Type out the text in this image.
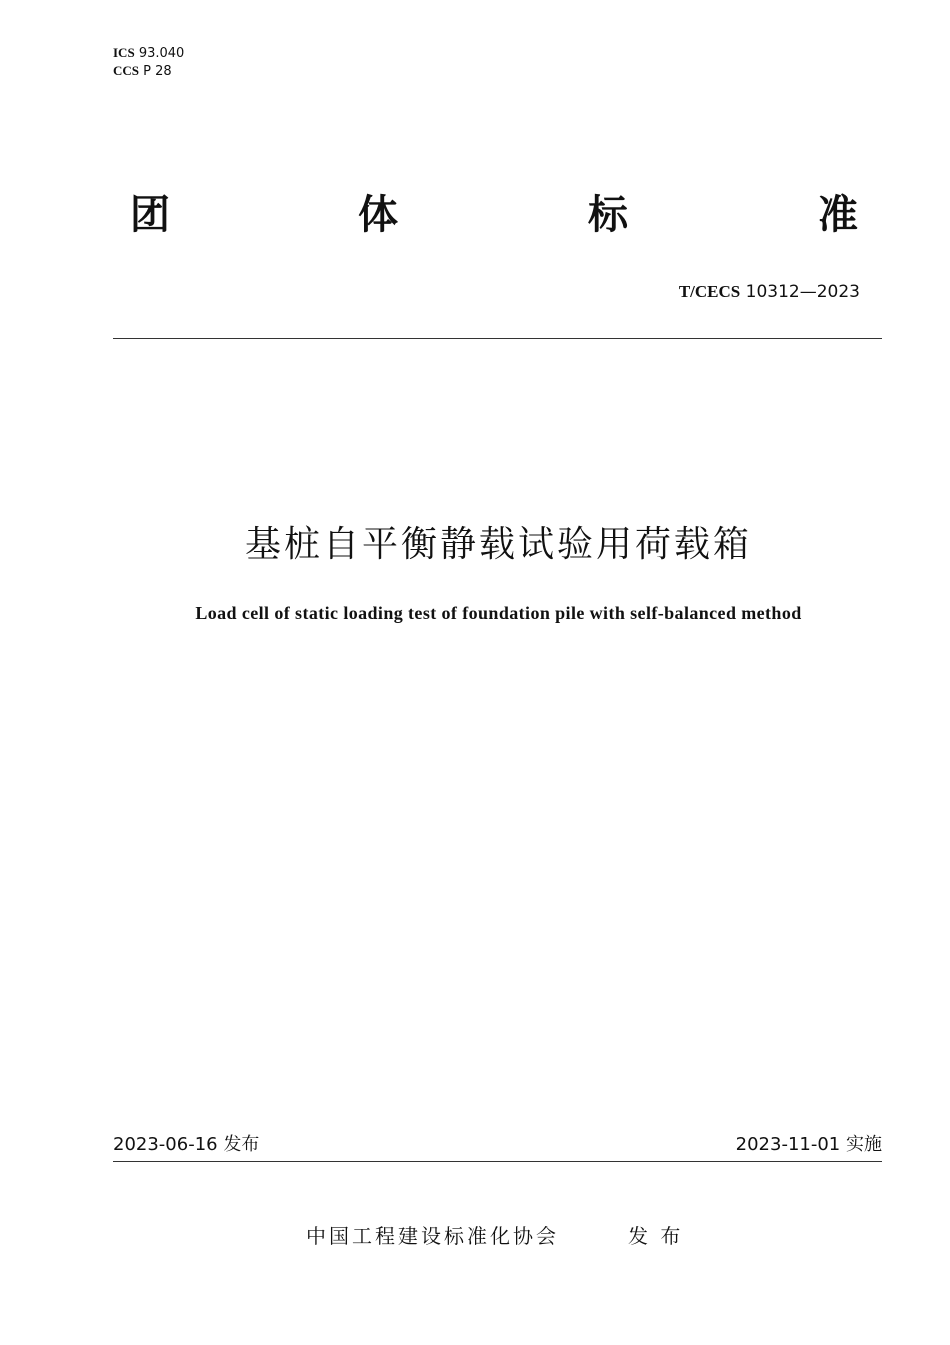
ICS 93.040
CCS P 28
团	体	标	准
T/CECS 10312—2023
基桩自平衡静载试验用荷载箱
Load cell of static loading test of foundation pile with self-balanced method
2023-06-16 发布	2023-11-01 实施
中国工程建设标准化协会	发 布
